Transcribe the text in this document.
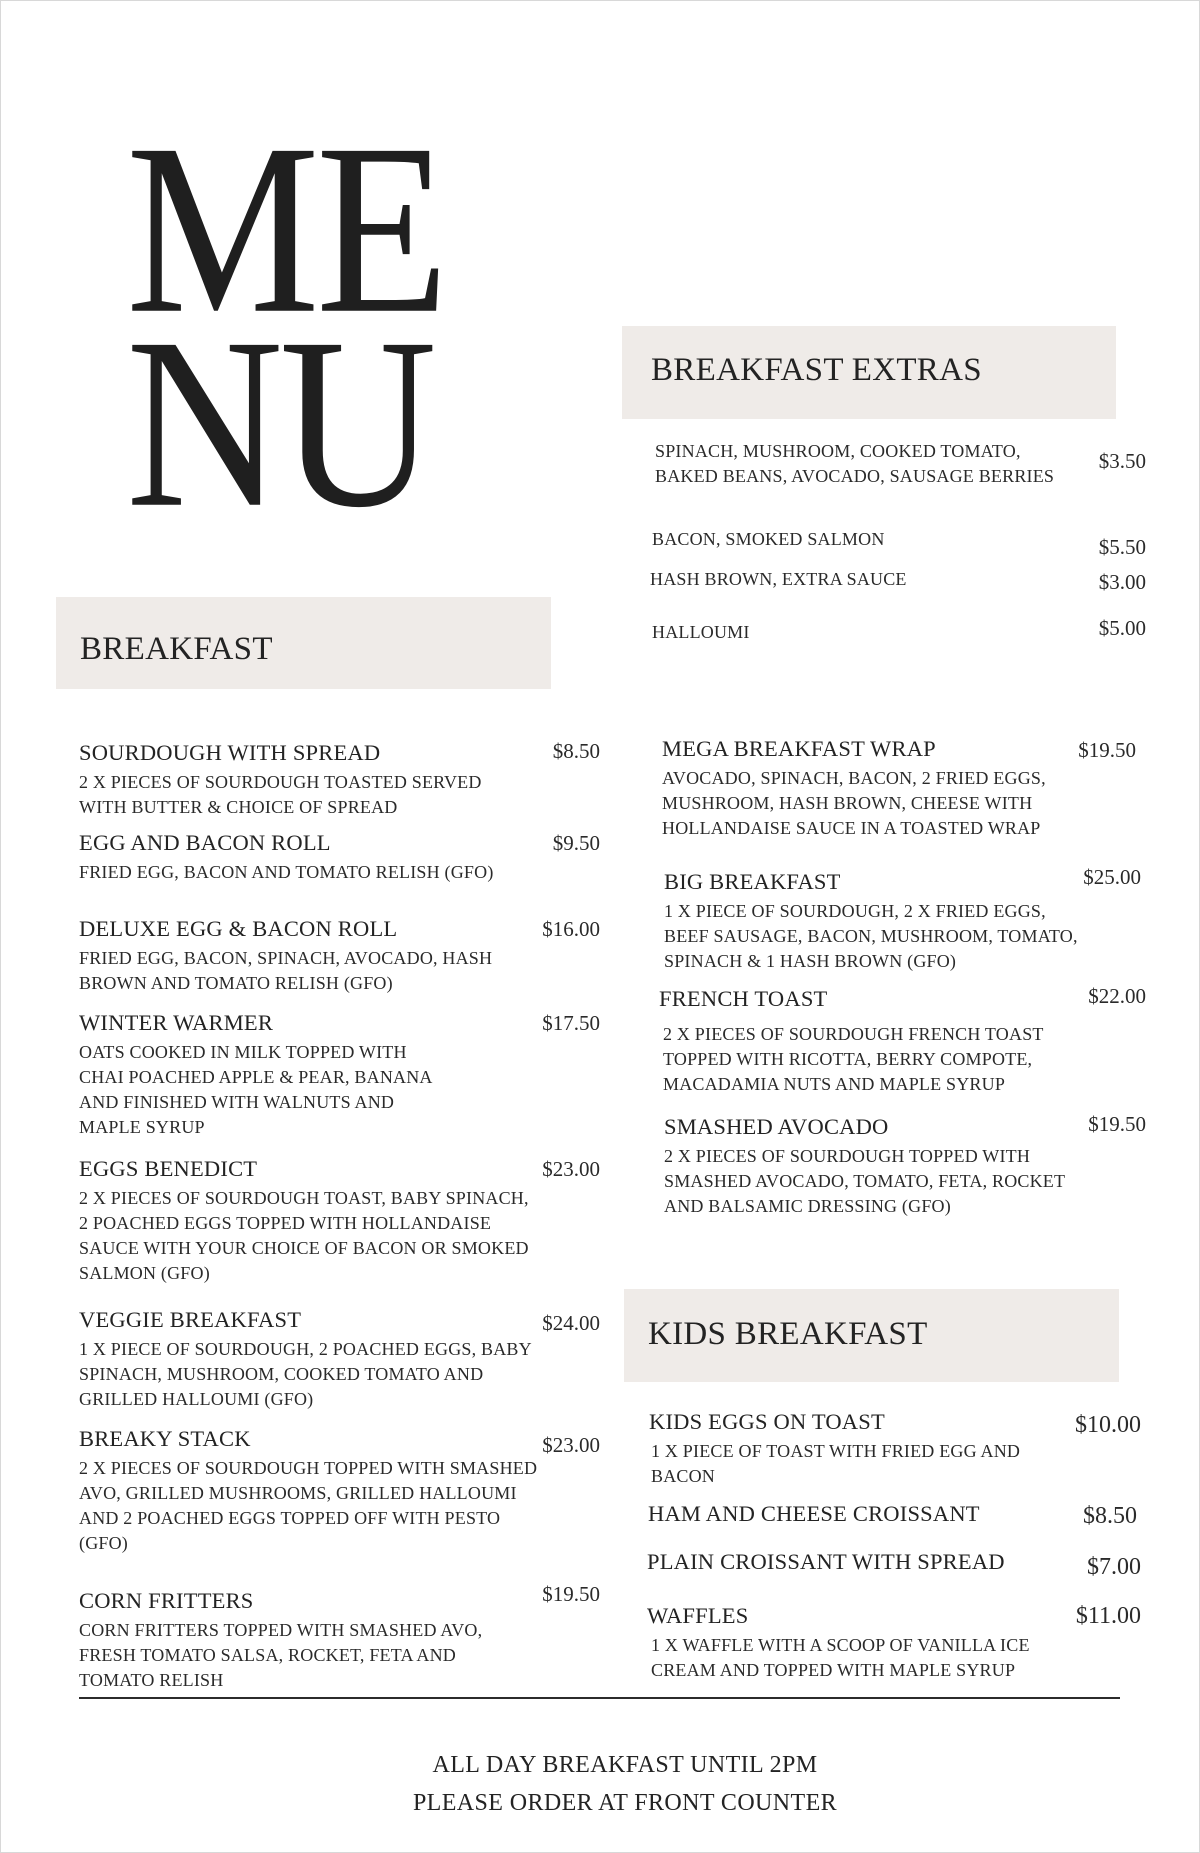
ME
NU	BREAKFAST EXTRAS
SPINACH, MUSHROOM, COOKED TOMATO, BAKED BEANS, AVOCADO, SAUSAGE BERRIES
$3.50
BACON, SMOKED SALMON	$5.50
HASH BROWN, EXTRA SAUCE	$3.00
HALLOUMI	$5.00
BREAKFAST
SOURDOUGH WITH SPREAD
2 X PIECES OF SOURDOUGH TOASTED SERVED WITH BUTTER & CHOICE OF SPREAD
$8.50
EGG AND BACON ROLL
FRIED EGG, BACON AND TOMATO RELISH (GFO)
$9.50
DELUXE EGG & BACON ROLL
FRIED EGG, BACON, SPINACH, AVOCADO, HASH BROWN AND TOMATO RELISH (GFO)
$16.00
WINTER WARMER
OATS COOKED IN MILK TOPPED WITH CHAI POACHED APPLE & PEAR, BANANA AND FINISHED WITH WALNUTS AND MAPLE SYRUP
$17.50
EGGS BENEDICT
2 X PIECES OF SOURDOUGH TOAST, BABY SPINACH, 2 POACHED EGGS TOPPED WITH HOLLANDAISE SAUCE WITH YOUR CHOICE OF BACON OR SMOKED SALMON (GFO)
$23.00
VEGGIE BREAKFAST
1 X PIECE OF SOURDOUGH, 2 POACHED EGGS, BABY SPINACH, MUSHROOM, COOKED TOMATO AND GRILLED HALLOUMI (GFO)
$24.00
BREAKY STACK
2 X PIECES OF SOURDOUGH TOPPED WITH SMASHED AVO, GRILLED MUSHROOMS, GRILLED HALLOUMI AND 2 POACHED EGGS TOPPED OFF WITH PESTO (GFO)
$23.00
CORN FRITTERS
CORN FRITTERS TOPPED WITH SMASHED AVO, FRESH TOMATO SALSA, ROCKET, FETA AND TOMATO RELISH
$19.50
MEGA BREAKFAST WRAP
AVOCADO, SPINACH, BACON, 2 FRIED EGGS, MUSHROOM, HASH BROWN, CHEESE WITH HOLLANDAISE SAUCE IN A TOASTED WRAP
$19.50
BIG BREAKFAST
1 X PIECE OF SOURDOUGH, 2 X FRIED EGGS, BEEF SAUSAGE, BACON, MUSHROOM, TOMATO, SPINACH & 1 HASH BROWN (GFO)
$25.00
FRENCH TOAST
2 X PIECES OF SOURDOUGH FRENCH TOAST TOPPED WITH RICOTTA, BERRY COMPOTE, MACADAMIA NUTS AND MAPLE SYRUP
$22.00
SMASHED AVOCADO
2 X PIECES OF SOURDOUGH TOPPED WITH SMASHED AVOCADO, TOMATO, FETA, ROCKET AND BALSAMIC DRESSING (GFO)
$19.50
KIDS BREAKFAST
KIDS EGGS ON TOAST
1 X PIECE OF TOAST WITH FRIED EGG AND BACON
$10.00
HAM AND CHEESE CROISSANT	$8.50
PLAIN CROISSANT WITH SPREAD	$7.00
WAFFLES
1 X WAFFLE WITH A SCOOP OF VANILLA ICE CREAM AND TOPPED WITH MAPLE SYRUP
$11.00
ALL DAY BREAKFAST UNTIL 2PM
PLEASE ORDER AT FRONT COUNTER
